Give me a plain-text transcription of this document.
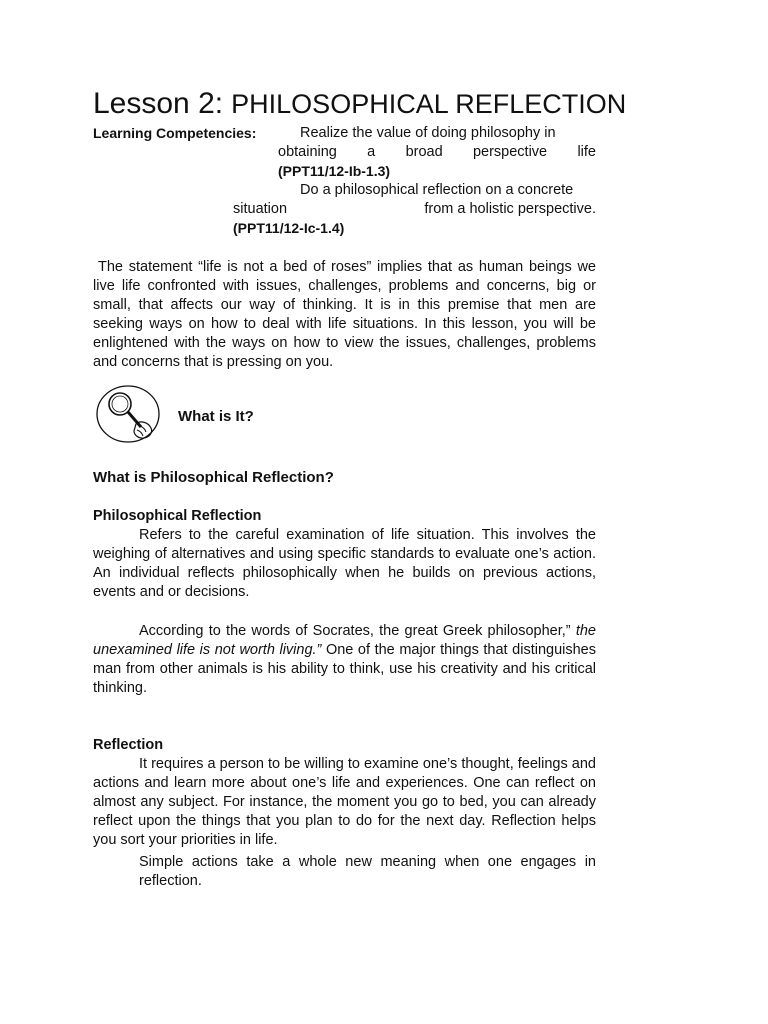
Lesson 2: PHILOSOPHICAL REFLECTION
Learning Competencies:	Realize the value of doing philosophy in
obtaining a broad perspective life
(PPT11/12-Ib-1.3)
Do a philosophical reflection on a concrete
situation	from a holistic perspective.
(PPT11/12-Ic-1.4)

The statement “life is not a bed of roses” implies that as human beings we live life confronted with issues, challenges, problems and concerns, big or small, that affects our way of thinking. It is in this premise that men are seeking ways on how to deal with life situations. In this lesson, you will be enlightened with the ways on how to view the issues, challenges, problems and concerns that is pressing on you.

What is It?
What is Philosophical Reflection?
Philosophical Reflection

Refers to the careful examination of life situation. This involves the weighing of alternatives and using specific standards to evaluate one’s action. An individual reflects philosophically when he builds on previous actions, events and or decisions.

According to the words of Socrates, the great Greek philosopher,” the unexamined life is not worth living.” One of the major things that distinguishes man from other animals is his ability to think, use his creativity and his critical thinking.

Reflection

It requires a person to be willing to examine one’s thought, feelings and actions and learn more about one’s life and experiences. One can reflect on almost any subject. For instance, the moment you go to bed, you can already reflect upon the things that you plan to do for the next day. Reflection helps you sort your priorities in life.

Simple actions take a whole new meaning when one engages in reflection.
